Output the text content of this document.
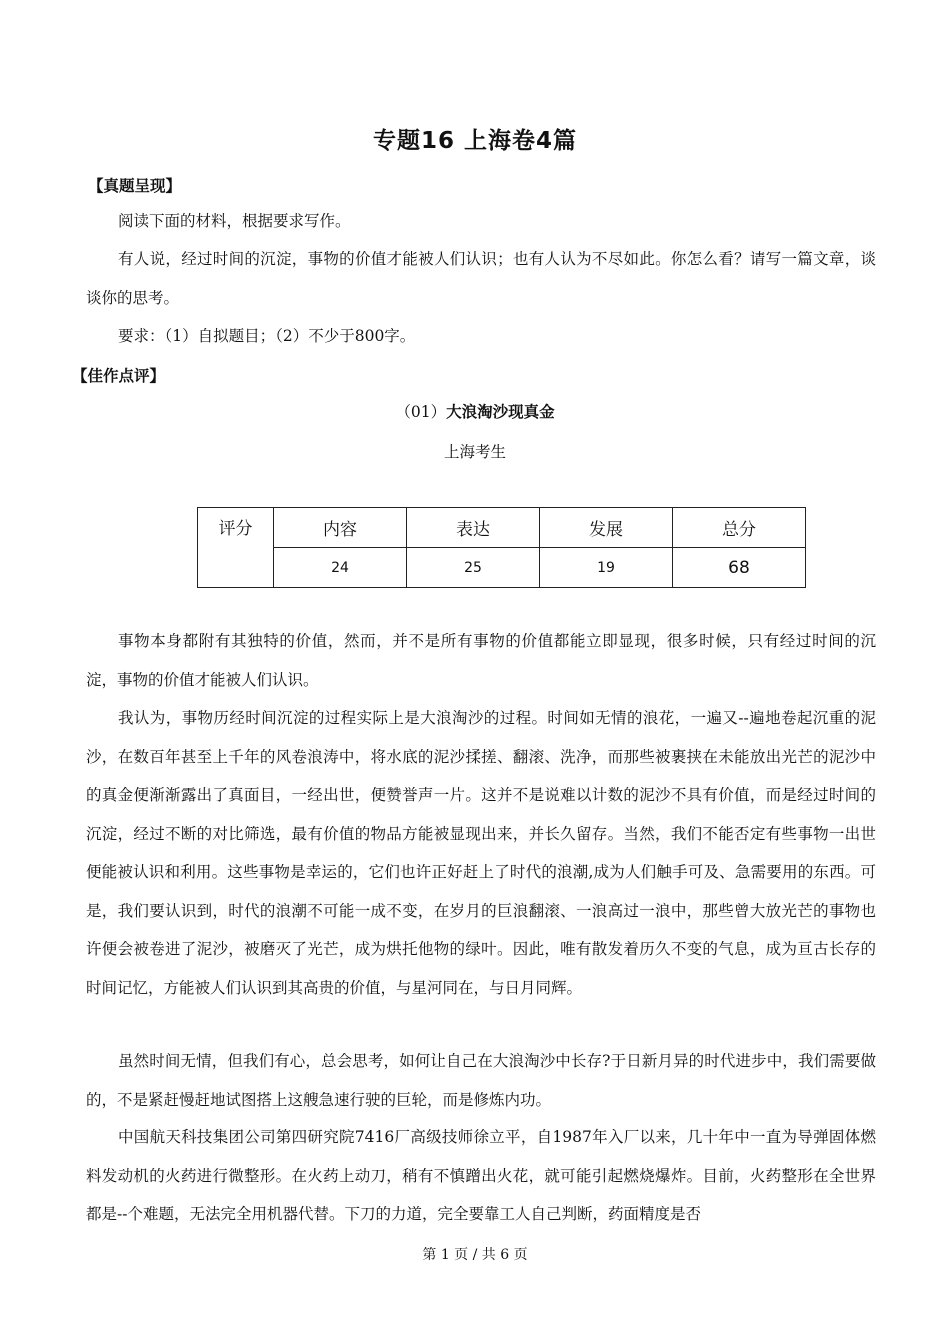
专题16 上海卷4篇
【真题呈现】

阅读下面的材料，根据要求写作。

有人说，经过时间的沉淀，事物的价值才能被人们认识；也有人认为不尽如此。你怎么看？请写一篇文章，谈谈你的思考。

要求：（1）自拟题目；（2）不少于800字。

【佳作点评】
（01）大浪淘沙现真金
上海考生
评分	内容	表达	发展	总分
	24	25	19	68

事物本身都附有其独特的价值，然而，并不是所有事物的价值都能立即显现，很多时候，只有经过时间的沉淀，事物的价值才能被人们认识。

我认为，事物历经时间沉淀的过程实际上是大浪淘沙的过程。时间如无情的浪花，一遍又--遍地卷起沉重的泥沙，在数百年甚至上千年的风卷浪涛中，将水底的泥沙揉搓、翻滚、洗净，而那些被裹挟在未能放出光芒的泥沙中的真金便渐渐露出了真面目，一经出世，便赞誉声一片。这并不是说难以计数的泥沙不具有价值，而是经过时间的沉淀，经过不断的对比筛选，最有价值的物品方能被显现出来，并长久留存。当然，我们不能否定有些事物一出世便能被认识和利用。这些事物是幸运的，它们也许正好赶上了时代的浪潮,成为人们触手可及、急需要用的东西。可是，我们要认识到，时代的浪潮不可能一成不变，在岁月的巨浪翻滚、一浪高过一浪中，那些曾大放光芒的事物也许便会被卷进了泥沙，被磨灭了光芒，成为烘托他物的绿叶。因此，唯有散发着历久不变的气息，成为亘古长存的时间记忆，方能被人们认识到其高贵的价值，与星河同在，与日月同辉。

虽然时间无情，但我们有心，总会思考，如何让自己在大浪淘沙中长存?于日新月异的时代进步中，我们需要做的，不是紧赶慢赶地试图搭上这艘急速行驶的巨轮，而是修炼内功。

中国航天科技集团公司第四研究院7416厂高级技师徐立平，自1987年入厂以来，几十年中一直为导弹固体燃料发动机的火药进行微整形。在火药上动刀，稍有不慎蹭出火花，就可能引起燃烧爆炸。目前，火药整形在全世界都是--个难题，无法完全用机器代替。下刀的力道，完全要靠工人自己判断，药面精度是否

第 1 页 / 共 6 页
